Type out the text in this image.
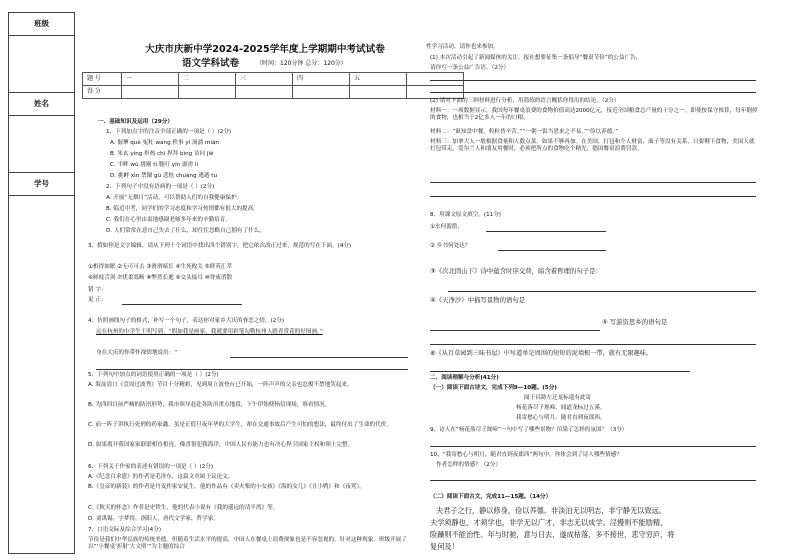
班级
姓名
学号
大庆市庆新中学2024-2025学年度上学期期中考试试卷
语文学科试卷	（时间：120分钟 总分：120分）
题 号	一	二	三	四	五	
得 分						
一、基础知识及运用（29分）
1、下列加点字的注音全部正确的一项是（ ）(2分)
A. 倔犟 què 冤枉 wang 秩事 yì 流淌 mián
B. 朱玄 yíng 炽热 chì 捍拜 bìng 诘问 jié
C. 半畔 wù 挑剔 tì 脆叮 yín 霹雳 lì
D. 挑衅 xìn 禁锢 gù 悲怆 chuàng 逃遁 tu
2、下列句子中没有语病的一项是（ ）(2分)
A. 开展“无烟日”活动，可以帮助人们的自我健康保护。
B. 临近中考，同学们的学习态度和学习热情都有很大的提高。
C. 我们在心里由衷地感谢老师多年来的辛勤培育。
D. 人们常常在意自己失去了什么，却往往忽略自己拥有了什么。
3、假如你是文字编辑，请从下列十个词语中找出四个错别字，把它依次改正过来，规范的写在下面。(4分)
①相得如眠 ②无可可击 ③滑滑暗长 ④生死攸关 ⑤群英汇萃
⑥鲜枝舌剑 ⑦忧柔寡断 ⑧弊然长逝 ⑨交头接耳 ⑩咎戒消散
错 字：
更 正：
4、仿照画线句子的格式，补写一个句子，表达你对家乡大庆的眷恋之情。(2分)
远在杭州的中学生王明写到：“假如我是画家，我就要用彩笔勾勒杭州人踏青赏花的好图画。”
身在大庆的你带怀深情地说出：“
5、下列句中加点的词语使用正确的一项是（ ）(2分)
A. 海淀清口《壹周过波秀》节目十分精彩，见到周立波登台已开始，一阵声声的父亲也忍俊不禁地笑起来。
B. 为四四目前严峻的防汛形势，我市领导赶赴各防汛重点地段，下午伊始便指信现场，察看情况。
C. 前一阵子讲执行死刑的药家鑫，虽是正值旦夜年华的大学生，却在交通事故后产生可怕的想法，最终付出了生命的代价。
D. 如果离开我国家家联联相直相连，像喜很犯我海洋，中国人民有能力也有决心捍卫国家主权和领土完整。
6、下列关于作家的表述有错误的一项是（ ）(2分)
A.《纪念白求恩》的作者是毛泽东，这篇文章属于议论文。
B.《皇帝的新装》的作者是丹麦作家安徒生。他的作品有《卖火柴的小女孩》《海的女儿》《丑小鸭》和《夜莺》。
C.《秋天的怀念》作者是史铁生，他的代表小说有《我的遥远的清平湾》等。
D. 刘禹锡，字梦得，洛阳人，唐代文学家，哲学家。
7、口语交际及综合学习(4分)
节俭是我们中华民族的传统美德。但随着生活水平的提高，中国人在餐桌上浪费现象也是不容忽视的，针对这种现象，班级开展了以“‘小餐桌’折射‘大文明’”为主题的综合
性学习活动。请你也来参加。
(1) 本次活动引起了新闻媒体的关注，报社想要征集一条倡导“餐桌节俭”的公益广告，
请你写一条公益广告语。（2分）
(2) 请对下面的三则材料进行分析，用简练的语言概括你得出的结论。（2分）
材料一：一项数据显示，我国每年餐桌浪费的食物价值高达2000亿元，接近全国粮食总产量的十分之一。即使按保守推算，每年倒掉的食物，也相当于2亿多人一年的口粮。
材料二：“谁知盘中餐，粒粒皆辛苦。”“一粥一饭当思来之不易。”“俭以养德。”
材料三：加拿大人一般根据食量和人数点菜，如果不够再加。在美国，打包和个人财富、面子等没有关系，只要剩下食物，美国人就打包带走，爱尔兰人和朋友用餐时，必须把所点的食物吃个精光，德国餐桌浪费罚款。
8、用课文原文填空。(11分)
①水何澹澹，
② 乡书何处达？
③《次北固山下》诗中蕴含时序交替，暗含着哲理的句子是：
④《天净沙》中描写景物的语句是
⑤ 写游资思乡的语句是
⑥《从百草园到三味书屋》中写道单是周围的短短的泥墙根一带，就有无限趣味。
二、阅读理解与分析(41分)
（一）阅读下面古诗文，完成下列9—10题。(5分)
闻王昌龄左迁龙标遥有此寄
杨花落尽子规啼，闻道龙标过五溪。
我寄愁心与明月，随君直到夜郎西。
9、诗人在“杨花落尽子规啼”一句中写了哪些景物？渲染了怎样的氛围？（3分）
10、“我寄愁心与明月，随君直到夜郎西”两句中，你体会到了诗人哪些情感？
作者怎样的情感？（2分）
（二）阅读下面古文，完成11—15题。（14分）
夫君子之行，静以修身，俭以养德。非淡泊无以明志，非宁静无以致远。
夫学须静也，才须学也，非学无以广才，非志无以成学。淫慢则不能励精，
险躁则不能治性。年与时驰，意与日去，遂成枯落，多不接世，悲守穷庐，将
复何及！
